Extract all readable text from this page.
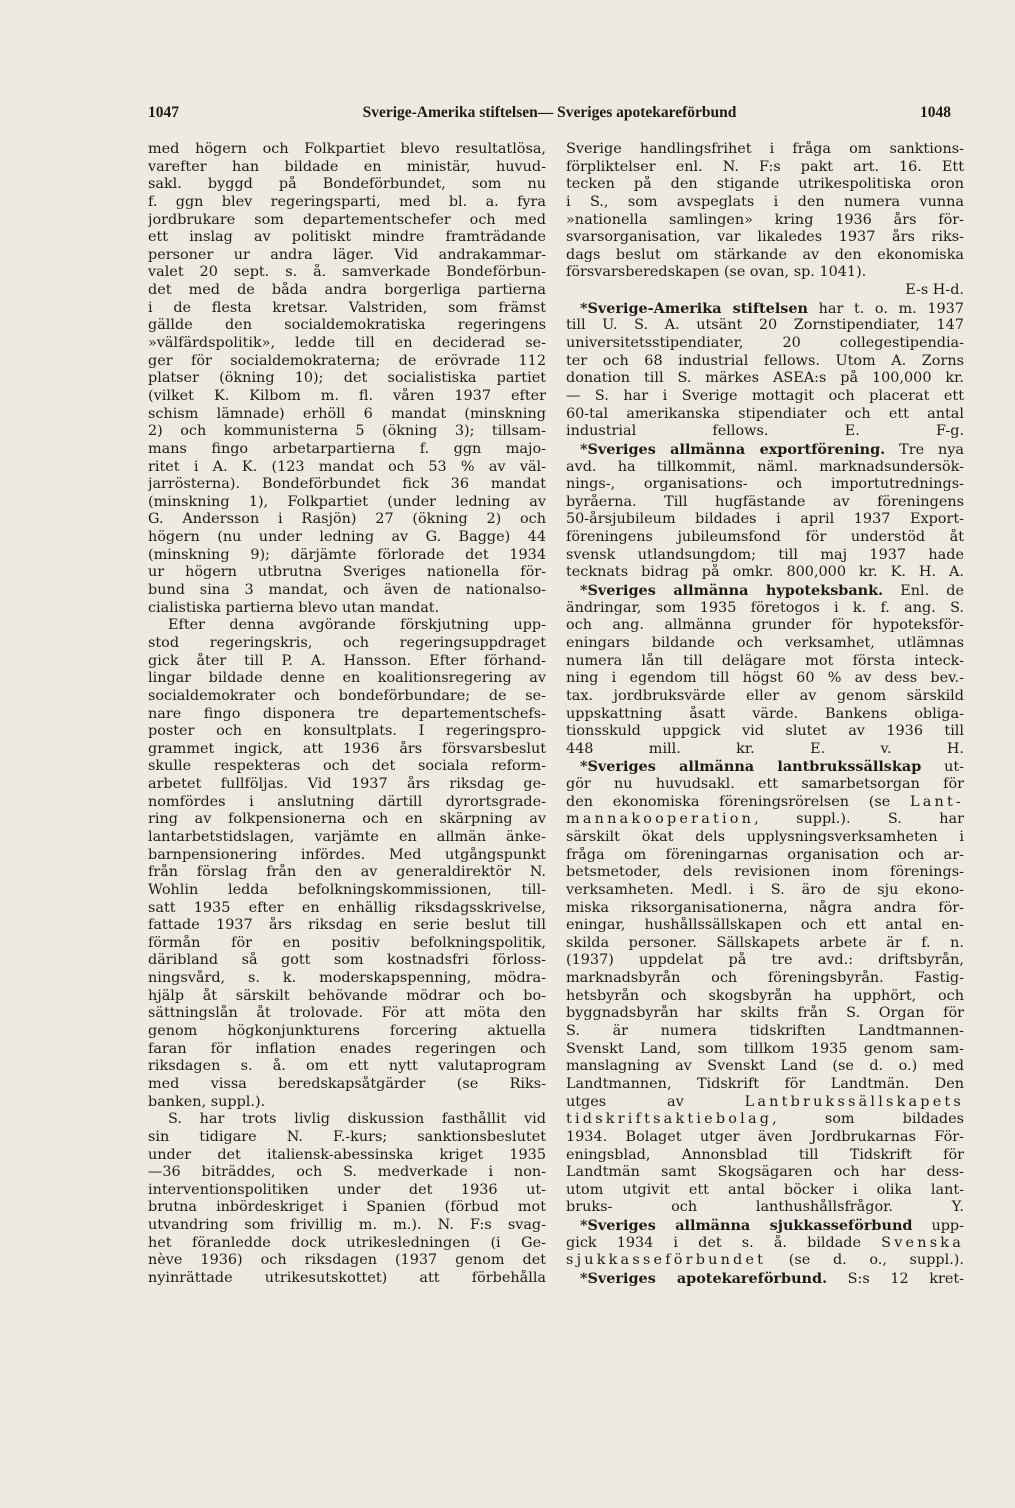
1047	Sverige-Amerika stiftelsen— Sveriges apotekareförbund	1048
med högern och Folkpartiet blevo resultatlösa,
varefter han bildade en ministär, huvud-
sakl. byggd på Bondeförbundet, som nu
f. ggn blev regeringsparti, med bl. a. fyra
jordbrukare som departementschefer och med
ett inslag av politiskt mindre framträdande
personer ur andra läger. Vid andrakammar-
valet 20 sept. s. å. samverkade Bondeförbun-
det med de båda andra borgerliga partierna
i de flesta kretsar. Valstriden, som främst
gällde den socialdemokratiska regeringens
»välfärdspolitik», ledde till en deciderad se-
ger för socialdemokraterna; de erövrade 112
platser (ökning 10); det socialistiska partiet
(vilket K. Kilbom m. fl. våren 1937 efter
schism lämnade) erhöll 6 mandat (minskning
2) och kommunisterna 5 (ökning 3); tillsam-
mans fingo arbetarpartierna f. ggn majo-
ritet i A. K. (123 mandat och 53 % av väl-
jarrösterna). Bondeförbundet fick 36 mandat
(minskning 1), Folkpartiet (under ledning av
G. Andersson i Rasjön) 27 (ökning 2) och
högern (nu under ledning av G. Bagge) 44
(minskning 9); därjämte förlorade det 1934
ur högern utbrutna Sveriges nationella för-
bund sina 3 mandat, och även de nationalso-
cialistiska partierna blevo utan mandat.
Efter denna avgörande förskjutning upp-
stod regeringskris, och regeringsuppdraget
gick åter till P. A. Hansson. Efter förhand-
lingar bildade denne en koalitionsregering av
socialdemokrater och bondeförbundare; de se-
nare fingo disponera tre departementschefs-
poster och en konsultplats. I regeringspro-
grammet ingick, att 1936 års försvarsbeslut
skulle respekteras och det sociala reform-
arbetet fullföljas. Vid 1937 års riksdag ge-
nomfördes i anslutning därtill dyrortsgrade-
ring av folkpensionerna och en skärpning av
lantarbetstidslagen, varjämte en allmän änke-
barnpensionering infördes. Med utgångspunkt
från förslag från den av generaldirektör N.
Wohlin ledda befolkningskommissionen, till-
satt 1935 efter en enhällig riksdagsskrivelse,
fattade 1937 års riksdag en serie beslut till
förmån för en positiv befolkningspolitik,
däribland så gott som kostnadsfri förloss-
ningsvård, s. k. moderskapspenning, mödra-
hjälp åt särskilt behövande mödrar och bo-
sättningslån åt trolovade. För att möta den
genom högkonjunkturens forcering aktuella
faran för inflation enades regeringen och
riksdagen s. å. om ett nytt valutaprogram
med vissa beredskapsåtgärder (se Riks-
banken, suppl.).
S. har trots livlig diskussion fasthållit vid
sin tidigare N. F.-kurs; sanktionsbeslutet
under det italiensk-abessinska kriget 1935
—36 biträddes, och S. medverkade i non-
interventionspolitiken under det 1936 ut-
brutna inbördeskriget i Spanien (förbud mot
utvandring som frivillig m. m.). N. F:s svag-
het föranledde dock utrikesledningen (i Ge-
nève 1936) och riksdagen (1937 genom det
nyinrättade utrikesutskottet) att förbehålla
Sverige handlingsfrihet i fråga om sanktions-
förpliktelser enl. N. F:s pakt art. 16. Ett
tecken på den stigande utrikespolitiska oron
i S., som avspeglats i den numera vunna
»nationella samlingen» kring 1936 års för-
svarsorganisation, var likaledes 1937 års riks-
dags beslut om stärkande av den ekonomiska
försvarsberedskapen (se ovan, sp. 1041).
E-s H-d.
*Sverige-Amerika stiftelsen har t. o. m. 1937
till U. S. A. utsänt 20 Zornstipendiater, 147
universitetsstipendiater, 20 collegestipendia-
ter och 68 industrial fellows. Utom A. Zorns
donation till S. märkes ASEA:s på 100,000 kr.
— S. har i Sverige mottagit och placerat ett
60-tal amerikanska stipendiater och ett antal
industrial fellows.	E. F-g.
*Sveriges allmänna exportförening. Tre nya
avd. ha tillkommit, näml. marknadsundersök-
nings-, organisations- och importutrednings-
byråerna. Till hugfästande av föreningens
50-årsjubileum bildades i april 1937 Export-
föreningens jubileumsfond för understöd åt
svensk utlandsungdom; till maj 1937 hade
tecknats bidrag på omkr. 800,000 kr. K. H. A.
*Sveriges allmänna hypoteksbank. Enl. de
ändringar, som 1935 företogos i k. f. ang. S.
och ang. allmänna grunder för hypoteksför-
eningars bildande och verksamhet, utlämnas
numera lån till delägare mot första inteck-
ning i egendom till högst 60 % av dess bev.-
tax. jordbruksvärde eller av genom särskild
uppskattning åsatt värde. Bankens obliga-
tionsskuld uppgick vid slutet av 1936 till
448 mill. kr.	E. v. H.
*Sveriges allmänna lantbrukssällskap ut-
gör nu huvudsakl. ett samarbetsorgan för
den ekonomiska föreningsrörelsen (se Lant-
mannakooperation, suppl.). S. har
särskilt ökat dels upplysningsverksamheten i
fråga om föreningarnas organisation och ar-
betsmetoder, dels revisionen inom förenings-
verksamheten. Medl. i S. äro de sju ekono-
miska riksorganisationerna, några andra för-
eningar, hushållssällskapen och ett antal en-
skilda personer. Sällskapets arbete är f. n.
(1937) uppdelat på tre avd.: driftsbyrån,
marknadsbyrån och föreningsbyrån. Fastig-
hetsbyrån och skogsbyrån ha upphört, och
byggnadsbyrån har skilts från S. Organ för
S. är numera tidskriften Landtmannen-
Svenskt Land, som tillkom 1935 genom sam-
manslagning av Svenskt Land (se d. o.) med
Landtmannen, Tidskrift för Landtmän. Den
utges av	Lantbrukssällskapets
tidskriftsaktiebolag, som bildades
1934. Bolaget utger även Jordbrukarnas För-
eningsblad, Annonsblad till Tidskrift för
Landtmän samt Skogsägaren och har dess-
utom utgivit ett antal böcker i olika lant-
bruks- och lanthushållsfrågor.	Y.
*Sveriges allmänna sjukkasseförbund upp-
gick 1934 i det s. å. bildade Svenska
sjukkasseförbundet (se d. o., suppl.).
*Sveriges apotekareförbund. S:s 12 kret-
